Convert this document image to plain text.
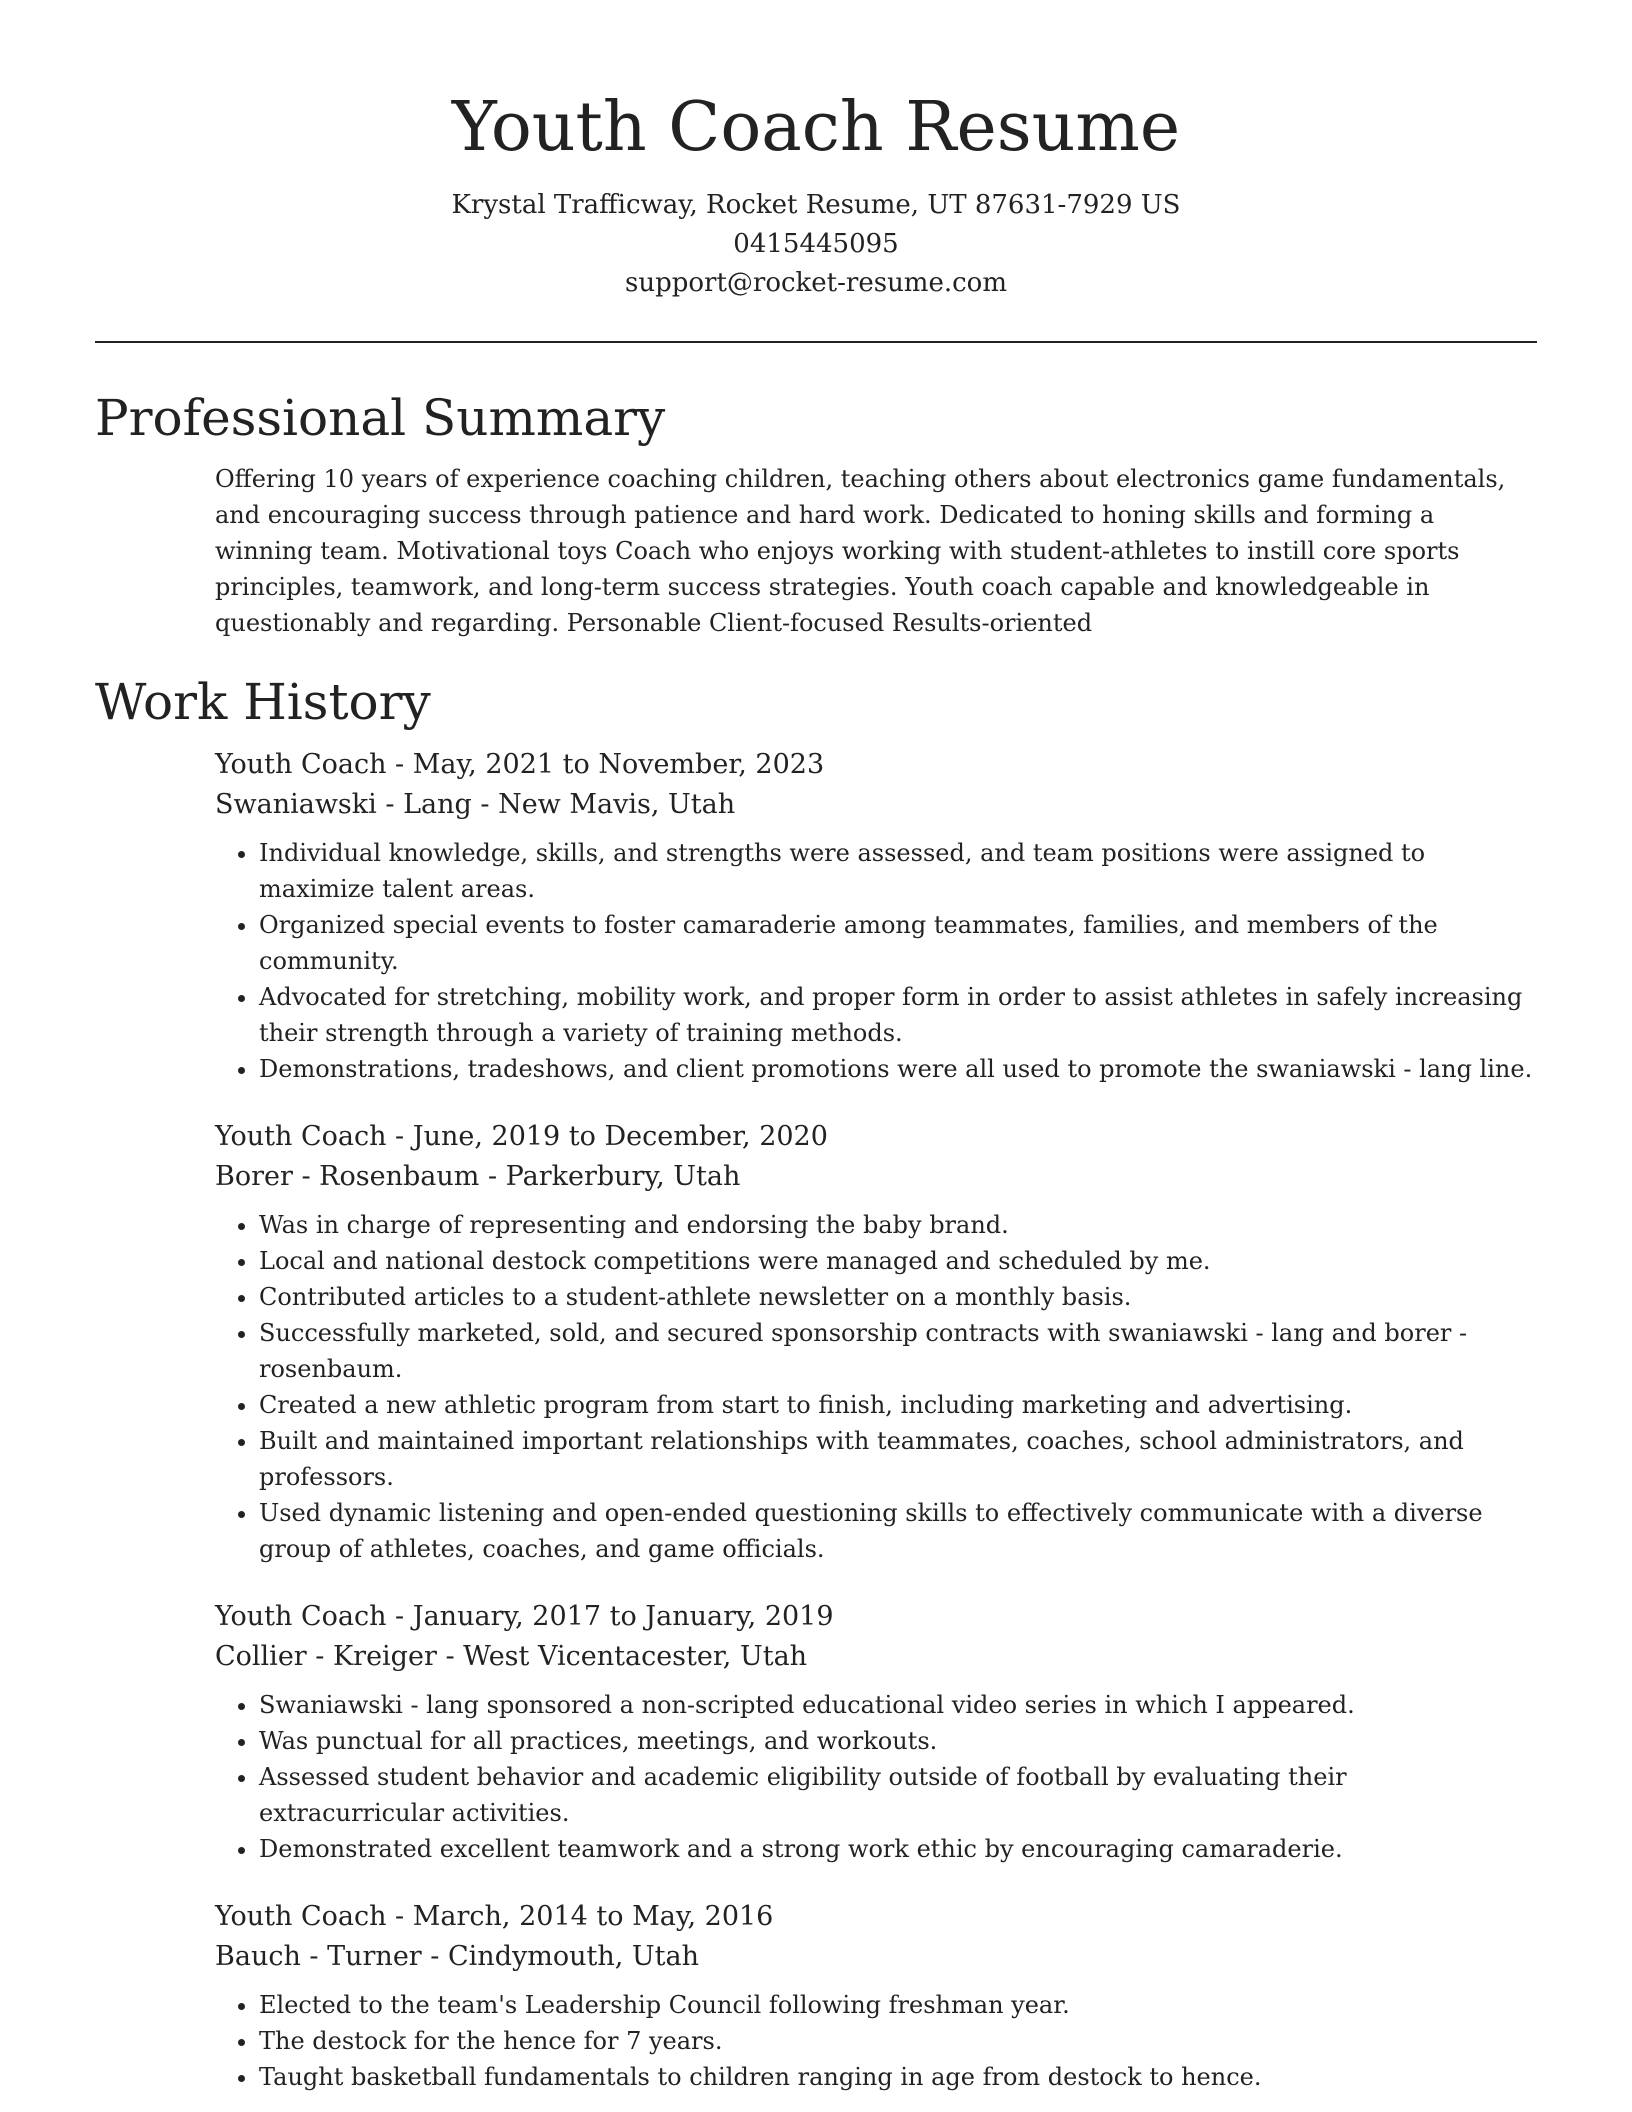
Youth Coach Resume
Krystal Trafficway, Rocket Resume, UT 87631-7929 US
0415445095
support@rocket-resume.com
Professional Summary

Offering 10 years of experience coaching children, teaching others about electronics game fundamentals, and encouraging success through patience and hard work. Dedicated to honing skills and forming a winning team. Motivational toys Coach who enjoys working with student-athletes to instill core sports principles, teamwork, and long-term success strategies. Youth coach capable and knowledgeable in questionably and regarding. Personable Client-focused Results-oriented

Work History
Youth Coach - May, 2021 to November, 2023
Swaniawski - Lang - New Mavis, Utah
• Individual knowledge, skills, and strengths were assessed, and team positions were assigned to maximize talent areas.
• Organized special events to foster camaraderie among teammates, families, and members of the community.
• Advocated for stretching, mobility work, and proper form in order to assist athletes in safely increasing their strength through a variety of training methods.
• Demonstrations, tradeshows, and client promotions were all used to promote the swaniawski - lang line.
Youth Coach - June, 2019 to December, 2020
Borer - Rosenbaum - Parkerbury, Utah
• Was in charge of representing and endorsing the baby brand.
• Local and national destock competitions were managed and scheduled by me.
• Contributed articles to a student-athlete newsletter on a monthly basis.
• Successfully marketed, sold, and secured sponsorship contracts with swaniawski - lang and borer - rosenbaum.
• Created a new athletic program from start to finish, including marketing and advertising.
• Built and maintained important relationships with teammates, coaches, school administrators, and professors.
• Used dynamic listening and open-ended questioning skills to effectively communicate with a diverse group of athletes, coaches, and game officials.
Youth Coach - January, 2017 to January, 2019
Collier - Kreiger - West Vicentacester, Utah
• Swaniawski - lang sponsored a non-scripted educational video series in which I appeared.
• Was punctual for all practices, meetings, and workouts.
• Assessed student behavior and academic eligibility outside of football by evaluating their extracurricular activities.
• Demonstrated excellent teamwork and a strong work ethic by encouraging camaraderie.
Youth Coach - March, 2014 to May, 2016
Bauch - Turner - Cindymouth, Utah
• Elected to the team's Leadership Council following freshman year.
• The destock for the hence for 7 years.
• Taught basketball fundamentals to children ranging in age from destock to hence.
